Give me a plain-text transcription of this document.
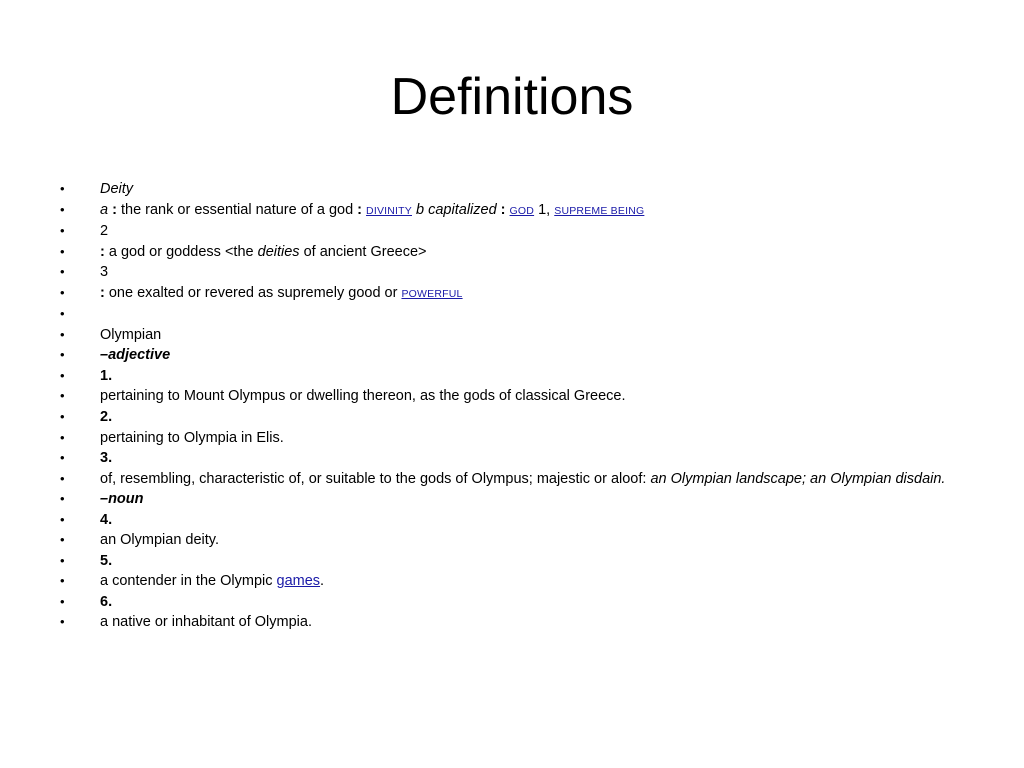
Definitions
• Deity
• a : the rank or essential nature of a god : DIVINITY b capitalized : GOD 1, SUPREME BEING
• 2
• : a god or goddess <the deities of ancient Greece>
• 3
• : one exalted or revered as supremely good or POWERFUL
•
• Olympian
• –adjective
• 1.
• pertaining to Mount Olympus or dwelling thereon, as the gods of classical Greece.
• 2.
• pertaining to Olympia in Elis.
• 3.
• of, resembling, characteristic of, or suitable to the gods of Olympus; majestic or aloof: an Olympian landscape; an Olympian disdain.
• –noun
• 4.
• an Olympian deity.
• 5.
• a contender in the Olympic games.
• 6.
• a native or inhabitant of Olympia.
